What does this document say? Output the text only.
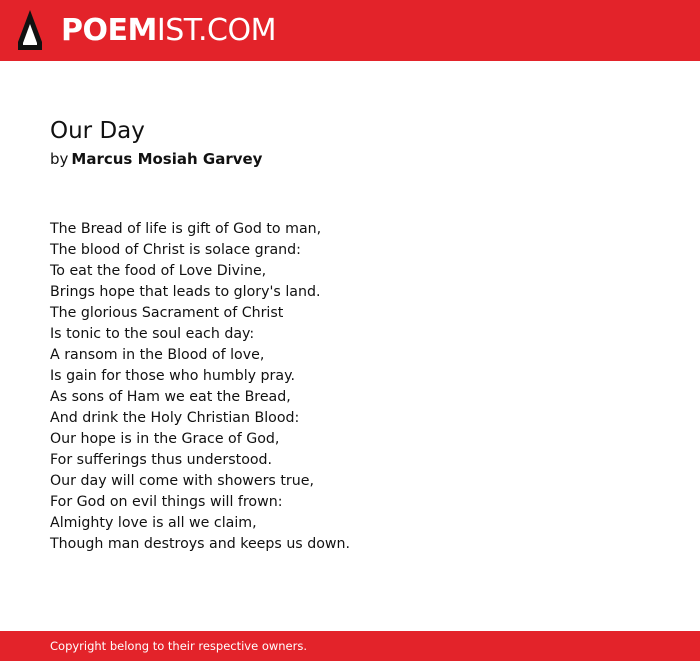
POEMIST.COM
Our Day
by Marcus Mosiah Garvey
The Bread of life is gift of God to man,
The blood of Christ is solace grand:
To eat the food of Love Divine,
Brings hope that leads to glory's land.
The glorious Sacrament of Christ
Is tonic to the soul each day:
A ransom in the Blood of love,
Is gain for those who humbly pray.
As sons of Ham we eat the Bread,
And drink the Holy Christian Blood:
Our hope is in the Grace of God,
For sufferings thus understood.
Our day will come with showers true,
For God on evil things will frown:
Almighty love is all we claim,
Though man destroys and keeps us down.
Copyright belong to their respective owners.
